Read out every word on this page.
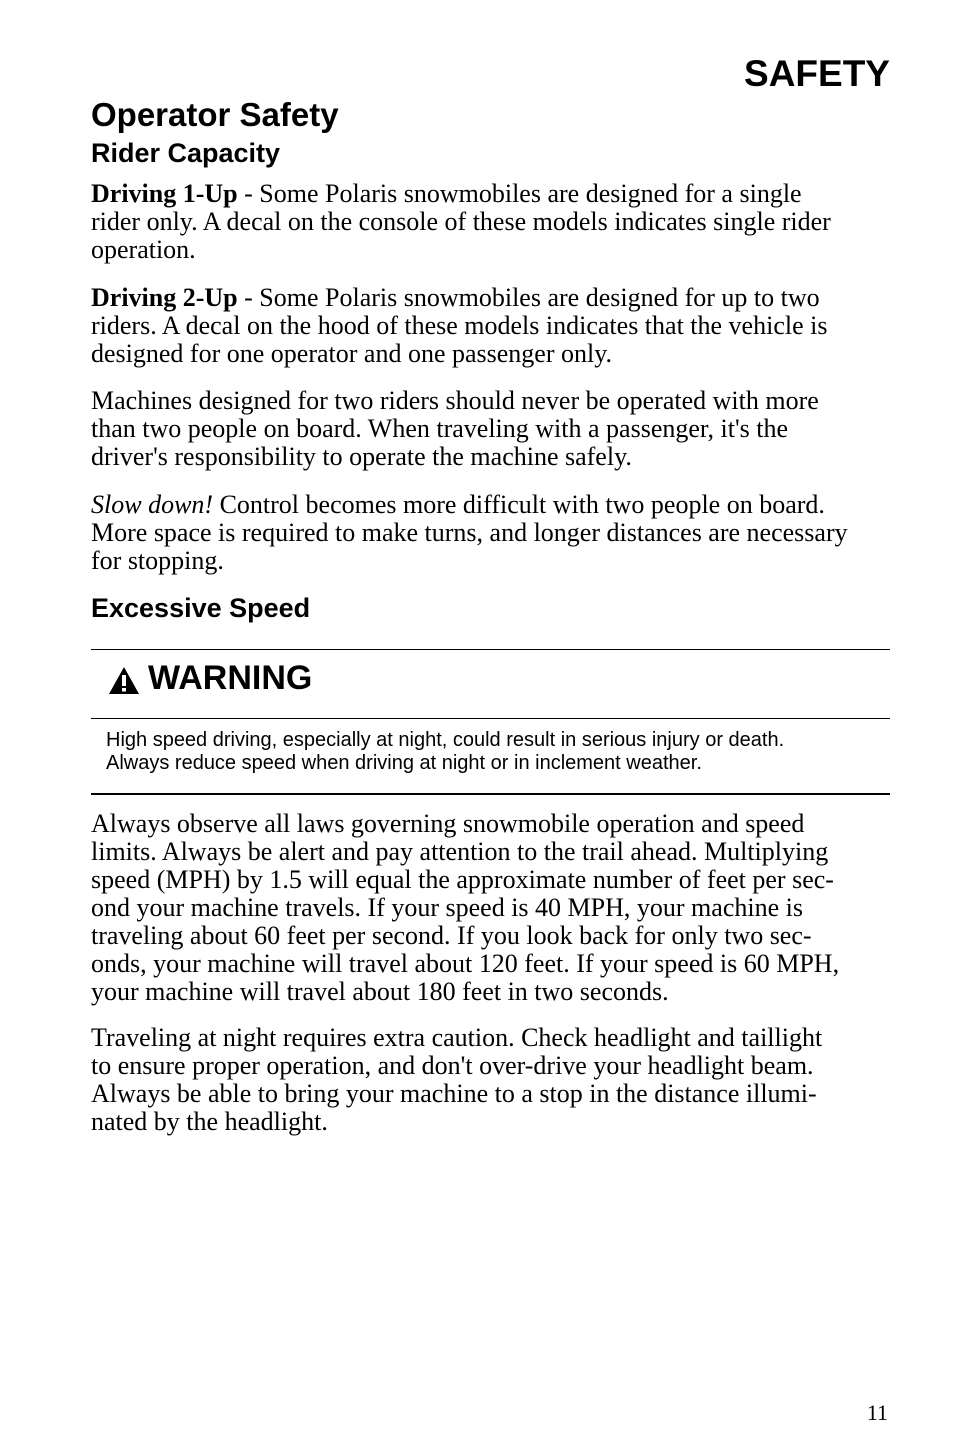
SAFETY
Operator Safety
Rider Capacity
Driving 1-Up - Some Polaris snowmobiles are designed for a single
rider only. A decal on the console of these models indicates single rider
operation.
Driving 2-Up - Some Polaris snowmobiles are designed for up to two
riders. A decal on the hood of these models indicates that the vehicle is
designed for one operator and one passenger only.
Machines designed for two riders should never be operated with more
than two people on board. When traveling with a passenger, it's the
driver's responsibility to operate the machine safely.
Slow down! Control becomes more difficult with two people on board.
More space is required to make turns, and longer distances are necessary
for stopping.
Excessive Speed
WARNING
High speed driving, especially at night, could result in serious injury or death.
Always reduce speed when driving at night or in inclement weather.
Always observe all laws governing snowmobile operation and speed
limits. Always be alert and pay attention to the trail ahead. Multiplying
speed (MPH) by 1.5 will equal the approximate number of feet per sec-
ond your machine travels. If your speed is 40 MPH, your machine is
traveling about 60 feet per second. If you look back for only two sec-
onds, your machine will travel about 120 feet. If your speed is 60 MPH,
your machine will travel about 180 feet in two seconds.
Traveling at night requires extra caution. Check headlight and taillight
to ensure proper operation, and don't over-drive your headlight beam.
Always be able to bring your machine to a stop in the distance illumi-
nated by the headlight.
11
